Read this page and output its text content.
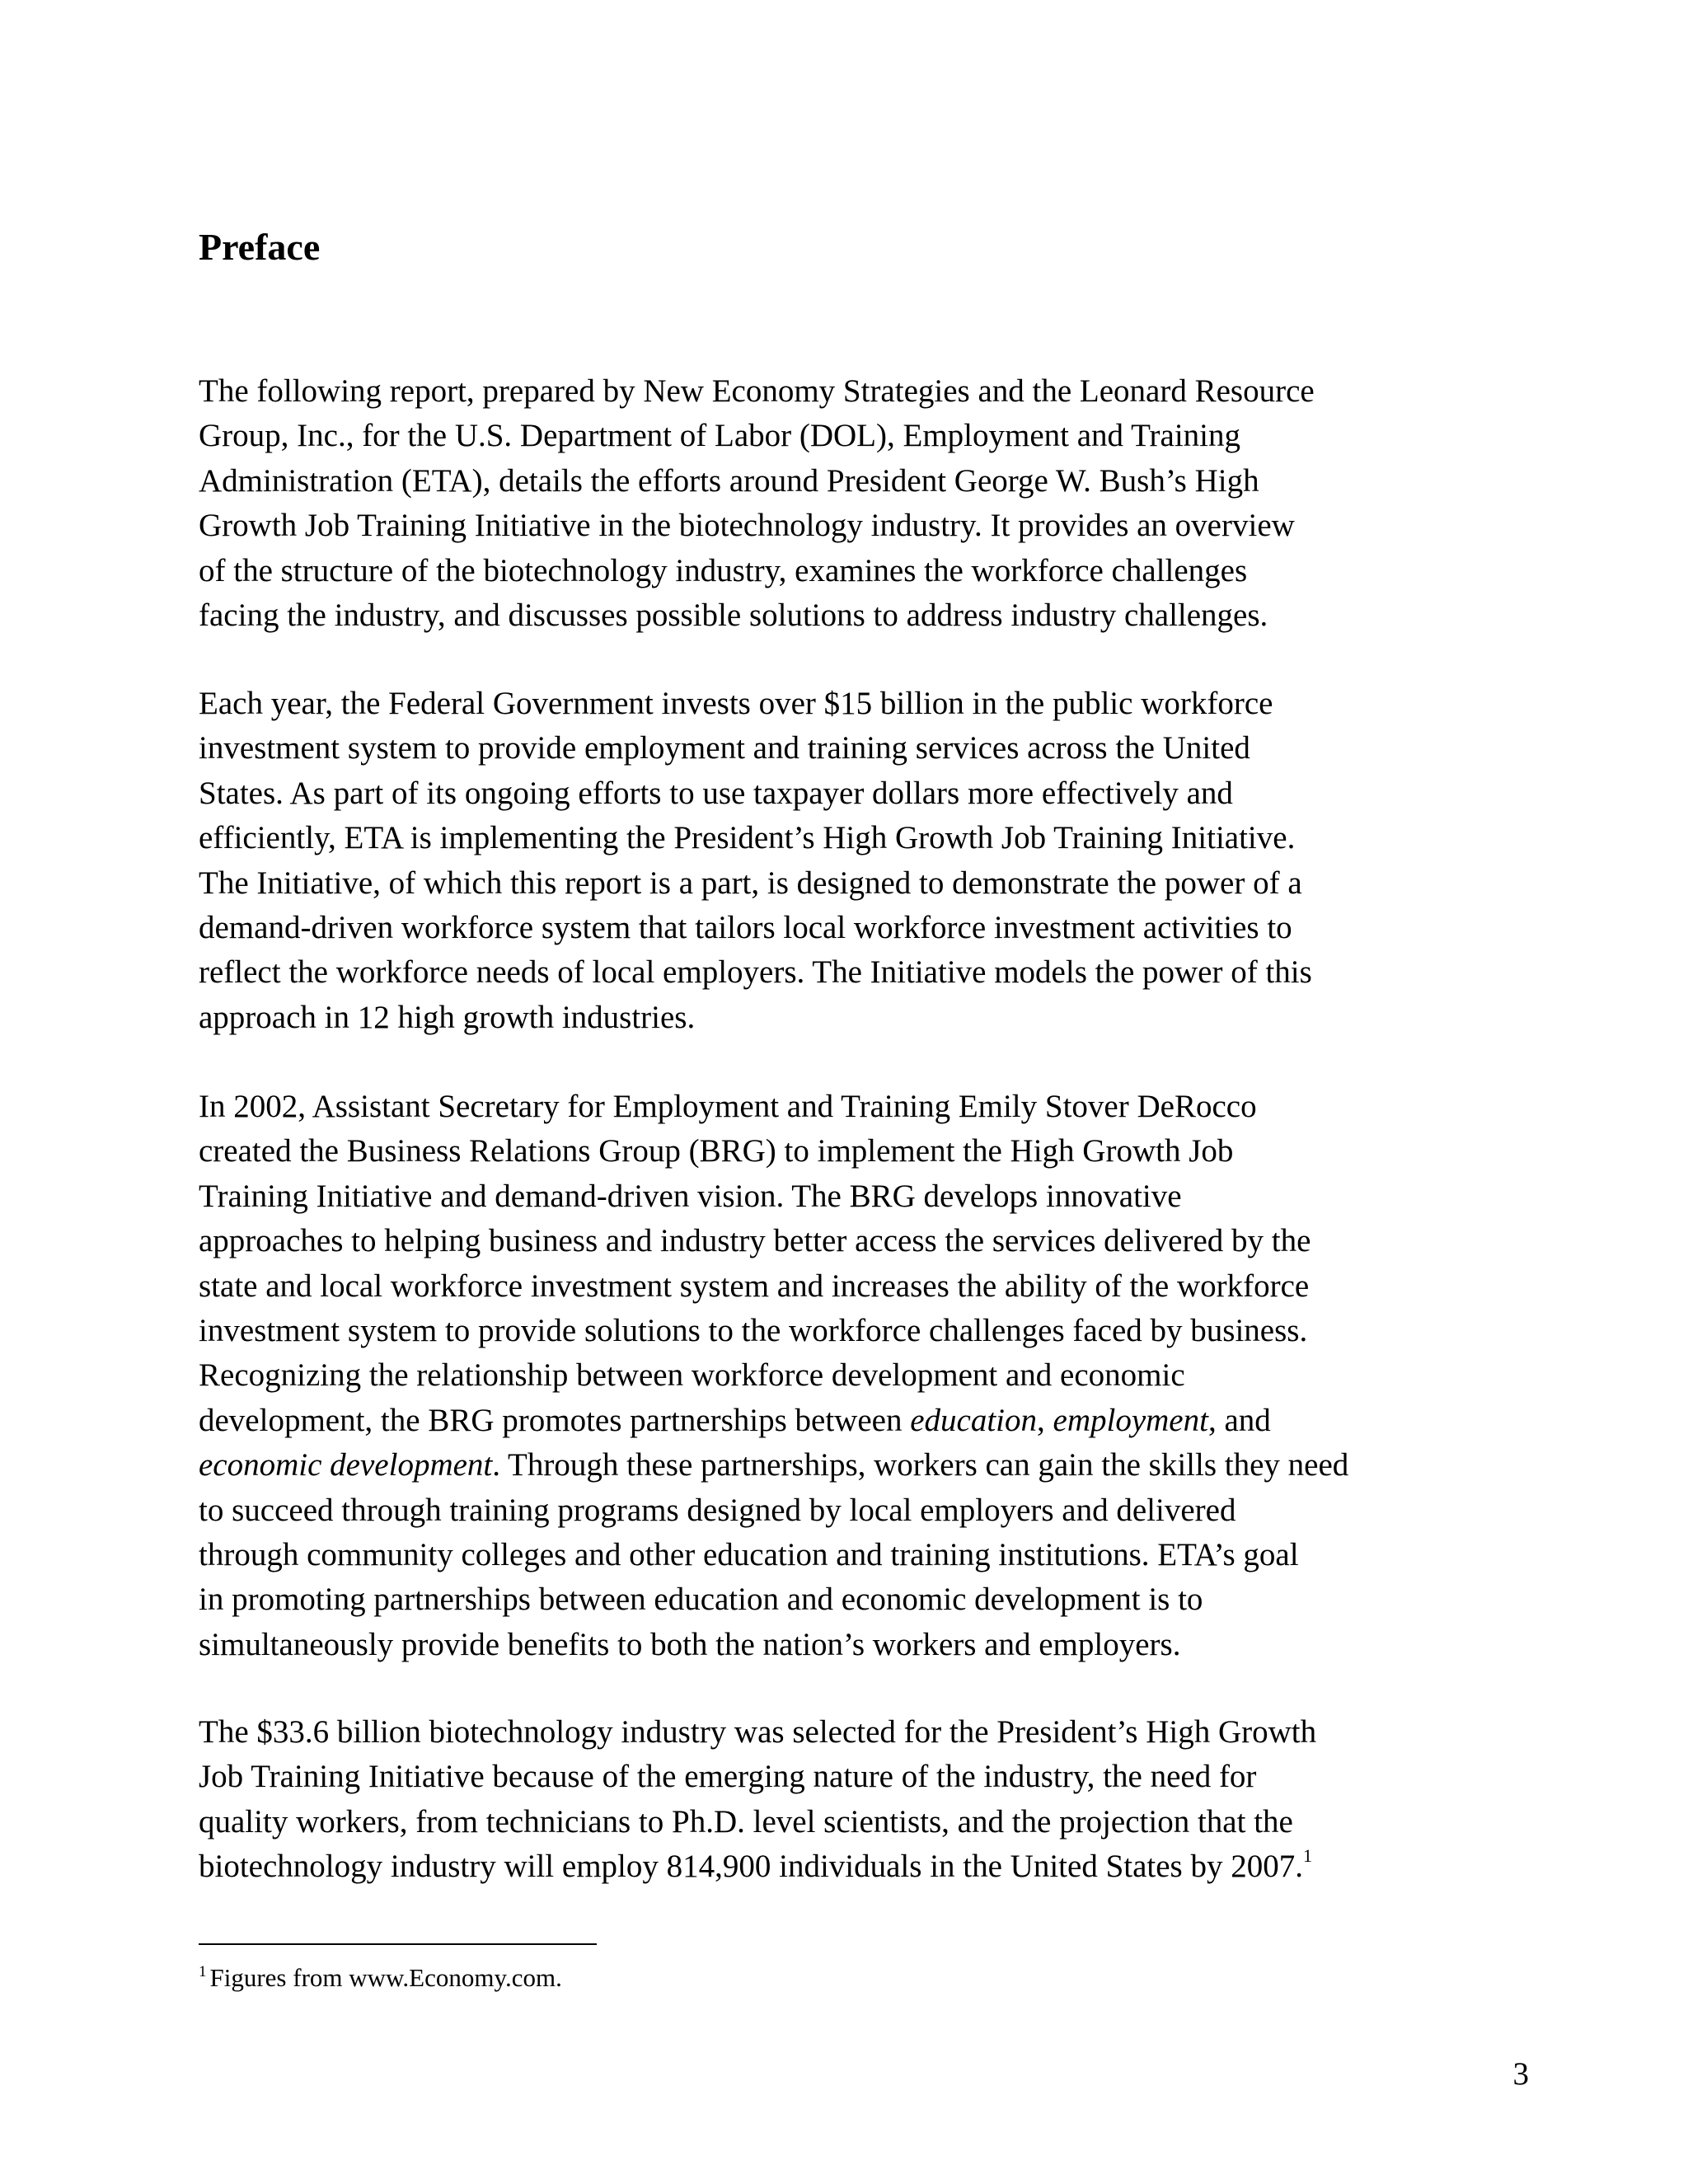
Preface

The following report, prepared by New Economy Strategies and the Leonard Resource
Group, Inc., for the U.S. Department of Labor (DOL), Employment and Training
Administration (ETA), details the efforts around President George W. Bush’s High
Growth Job Training Initiative in the biotechnology industry. It provides an overview
of the structure of the biotechnology industry, examines the workforce challenges
facing the industry, and discusses possible solutions to address industry challenges.

Each year, the Federal Government invests over $15 billion in the public workforce
investment system to provide employment and training services across the United
States. As part of its ongoing efforts to use taxpayer dollars more effectively and
efficiently, ETA is implementing the President’s High Growth Job Training Initiative.
The Initiative, of which this report is a part, is designed to demonstrate the power of a
demand-driven workforce system that tailors local workforce investment activities to
reflect the workforce needs of local employers. The Initiative models the power of this
approach in 12 high growth industries.

In 2002, Assistant Secretary for Employment and Training Emily Stover DeRocco
created the Business Relations Group (BRG) to implement the High Growth Job
Training Initiative and demand-driven vision. The BRG develops innovative
approaches to helping business and industry better access the services delivered by the
state and local workforce investment system and increases the ability of the workforce
investment system to provide solutions to the workforce challenges faced by business.
Recognizing the relationship between workforce development and economic
development, the BRG promotes partnerships between education, employment, and
economic development. Through these partnerships, workers can gain the skills they need
to succeed through training programs designed by local employers and delivered
through community colleges and other education and training institutions. ETA’s goal
in promoting partnerships between education and economic development is to
simultaneously provide benefits to both the nation’s workers and employers.

The $33.6 billion biotechnology industry was selected for the President’s High Growth
Job Training Initiative because of the emerging nature of the industry, the need for
quality workers, from technicians to Ph.D. level scientists, and the projection that the
biotechnology industry will employ 814,900 individuals in the United States by 2007.$^1$

$^1$ Figures from www.Economy.com.

3
